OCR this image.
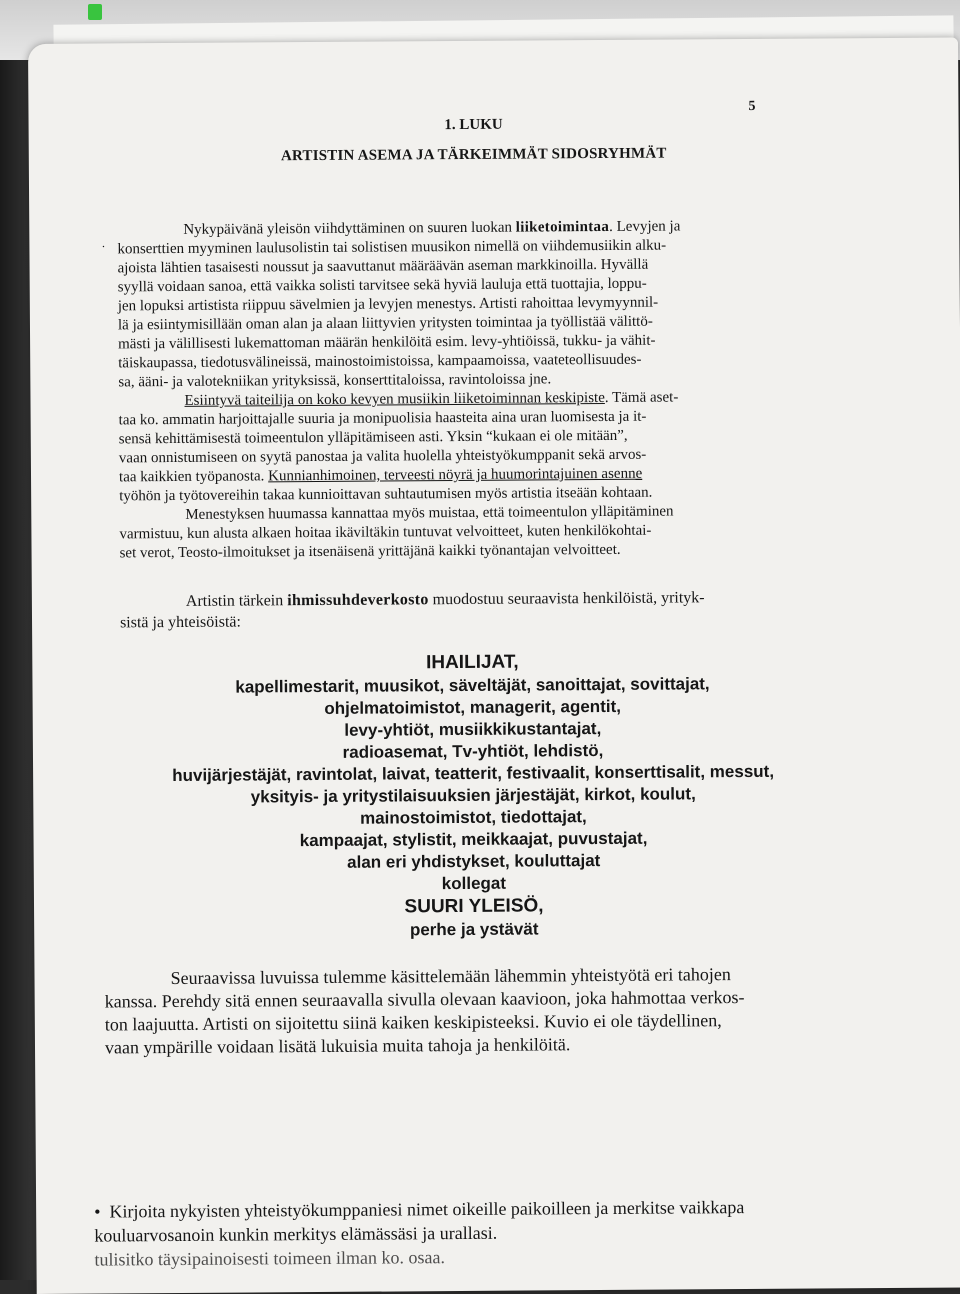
5
1. LUKU
ARTISTIN ASEMA JA TÄRKEIMMÄT SIDOSRYHMÄT
·
Nykypäivänä yleisön viihdyttäminen on suuren luokan liiketoimintaa. Levyjen ja
konserttien myyminen laulusolistin tai solistisen muusikon nimellä on viihdemusiikin alku-
ajoista lähtien tasaisesti noussut ja saavuttanut määräävän aseman markkinoilla. Hyvällä
syyllä voidaan sanoa, että vaikka solisti tarvitsee sekä hyviä lauluja että tuottajia, loppu-
jen lopuksi artistista riippuu sävelmien ja levyjen menestys. Artisti rahoittaa levymyynnil-
lä ja esiintymisillään oman alan ja alaan liittyvien yritysten toimintaa ja työllistää välittö-
mästi ja välillisesti lukemattoman määrän henkilöitä esim. levy-yhtiöissä, tukku- ja vähit-
täiskaupassa, tiedotusvälineissä, mainostoimistoissa, kampaamoissa, vaateteollisuudes-
sa, ääni- ja valotekniikan yrityksissä, konserttitaloissa, ravintoloissa jne.
Esiintyvä taiteilija on koko kevyen musiikin liiketoiminnan keskipiste. Tämä aset-
taa ko. ammatin harjoittajalle suuria ja monipuolisia haasteita aina uran luomisesta ja it-
sensä kehittämisestä toimeentulon ylläpitämiseen asti. Yksin “kukaan ei ole mitään”,
vaan onnistumiseen on syytä panostaa ja valita huolella yhteistyökumppanit sekä arvos-
taa kaikkien työpanosta. Kunnianhimoinen, terveesti nöyrä ja huumorintajuinen asenne
työhön ja työtovereihin takaa kunnioittavan suhtautumisen myös artistia itseään kohtaan.
Menestyksen huumassa kannattaa myös muistaa, että toimeentulon ylläpitäminen
varmistuu, kun alusta alkaen hoitaa ikäviltäkin tuntuvat velvoitteet, kuten henkilökohtai-
set verot, Teosto-ilmoitukset ja itsenäisenä yrittäjänä kaikki työnantajan velvoitteet.
Artistin tärkein ihmissuhdeverkosto muodostuu seuraavista henkilöistä, yrityk-
sistä ja yhteisöistä:
IHAILIJAT,
kapellimestarit, muusikot, säveltäjät, sanoittajat, sovittajat,
ohjelmatoimistot, managerit, agentit,
levy-yhtiöt, musiikkikustantajat,
radioasemat, Tv-yhtiöt, lehdistö,
huvijärjestäjät, ravintolat, laivat, teatterit, festivaalit, konserttisalit, messut,
yksityis- ja yritystilaisuuksien järjestäjät, kirkot, koulut,
mainostoimistot, tiedottajat,
kampaajat, stylistit, meikkaajat, puvustajat,
alan eri yhdistykset, kouluttajat
kollegat
SUURI YLEISÖ,
perhe ja ystävät
Seuraavissa luvuissa tulemme käsittelemään lähemmin yhteistyötä eri tahojen
kanssa. Perehdy sitä ennen seuraavalla sivulla olevaan kaavioon, joka hahmottaa verkos-
ton laajuutta. Artisti on sijoitettu siinä kaiken keskipisteeksi. Kuvio ei ole täydellinen,
vaan ympärille voidaan lisätä lukuisia muita tahoja ja henkilöitä.
• Kirjoita nykyisten yhteistyökumppaniesi nimet oikeille paikoilleen ja merkitse vaikkapa
kouluarvosanoin kunkin merkitys elämässäsi ja urallasi.
tulisitko täysipainoisesti toimeen ilman ko. osaa.
